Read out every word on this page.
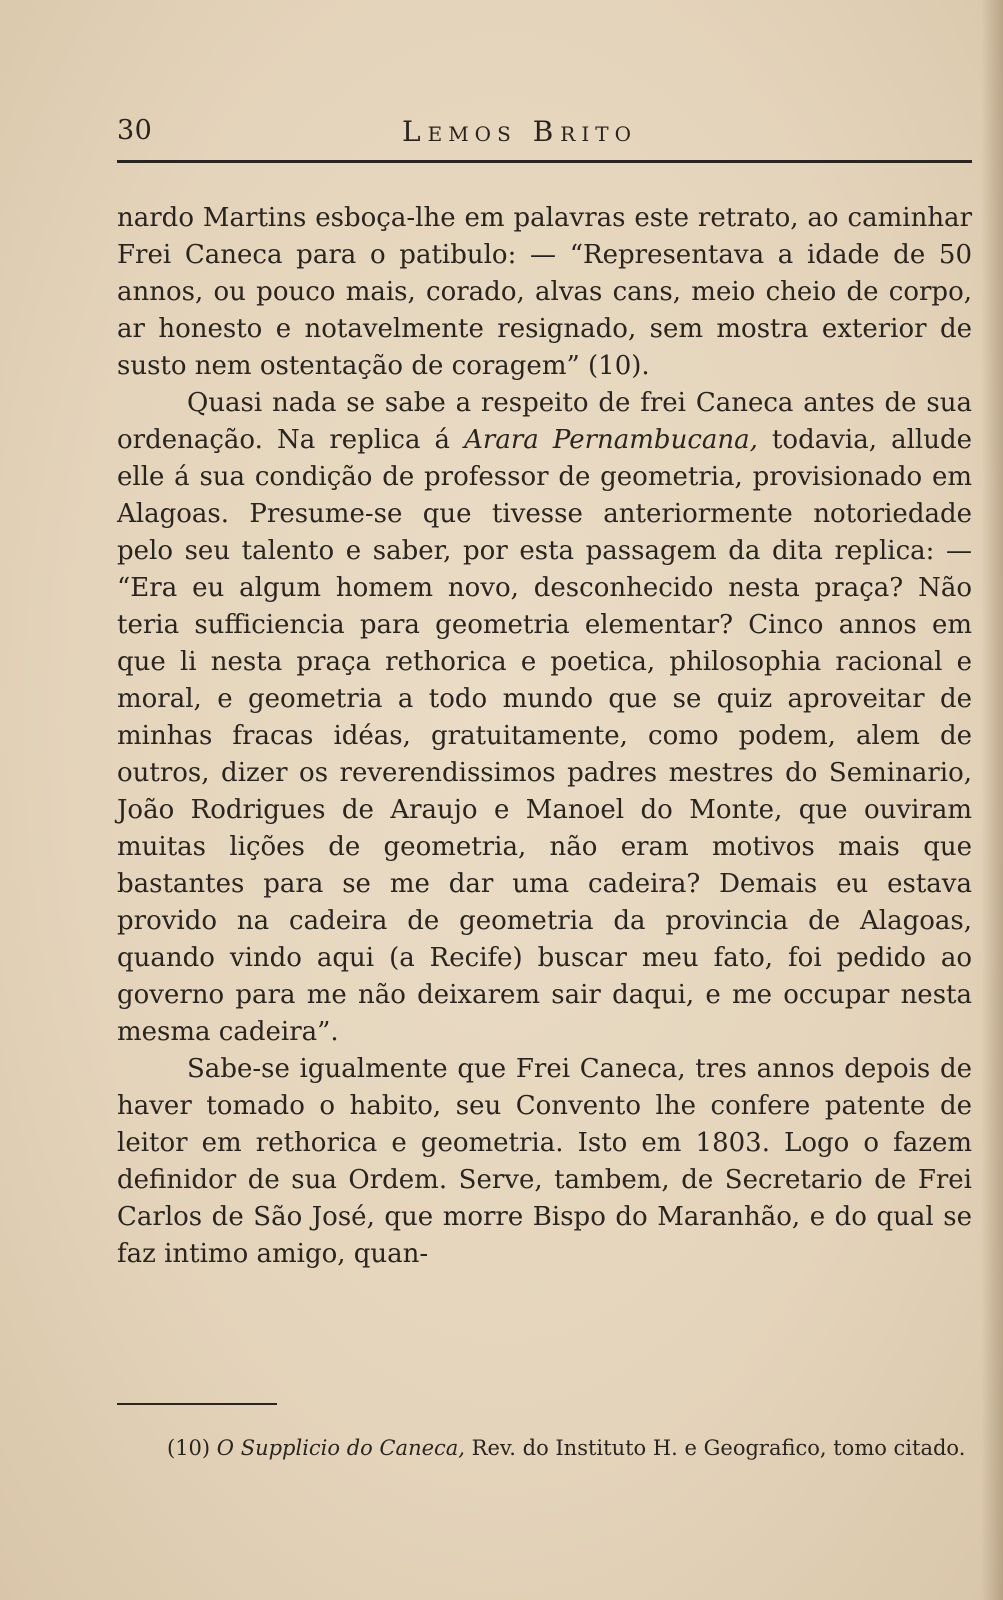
30	LEMOS BRITO

nardo Martins esboça-lhe em palavras este retrato, ao caminhar Frei Caneca para o patibulo: — “Representava a idade de 50 annos, ou pouco mais, corado, alvas cans, meio cheio de corpo, ar honesto e notavelmente resignado, sem mostra exterior de susto nem ostentação de coragem” (10).

Quasi nada se sabe a respeito de frei Caneca antes de sua ordenação. Na replica á Arara Pernambucana, todavia, allude elle á sua condição de professor de geometria, provisionado em Alagoas. Presume-se que tivesse anteriormente notoriedade pelo seu talento e saber, por esta passagem da dita replica: — “Era eu algum homem novo, desconhecido nesta praça? Não teria sufficiencia para geometria elementar? Cinco annos em que li nesta praça rethorica e poetica, philosophia racional e moral, e geometria a todo mundo que se quiz aproveitar de minhas fracas idéas, gratuitamente, como podem, alem de outros, dizer os reverendissimos padres mestres do Seminario, João Rodrigues de Araujo e Manoel do Monte, que ouviram muitas lições de geometria, não eram motivos mais que bastantes para se me dar uma cadeira? Demais eu estava provido na cadeira de geometria da provincia de Alagoas, quando vindo aqui (a Recife) buscar meu fato, foi pedido ao governo para me não deixarem sair daqui, e me occupar nesta mesma cadeira”.

Sabe-se igualmente que Frei Caneca, tres annos depois de haver tomado o habito, seu Convento lhe confere patente de leitor em rethorica e geometria. Isto em 1803. Logo o fazem definidor de sua Ordem. Serve, tambem, de Secretario de Frei Carlos de São José, que morre Bispo do Maranhão, e do qual se faz intimo amigo, quan-

(10) O Supplicio do Caneca, Rev. do Instituto H. e Geografico, tomo citado.
